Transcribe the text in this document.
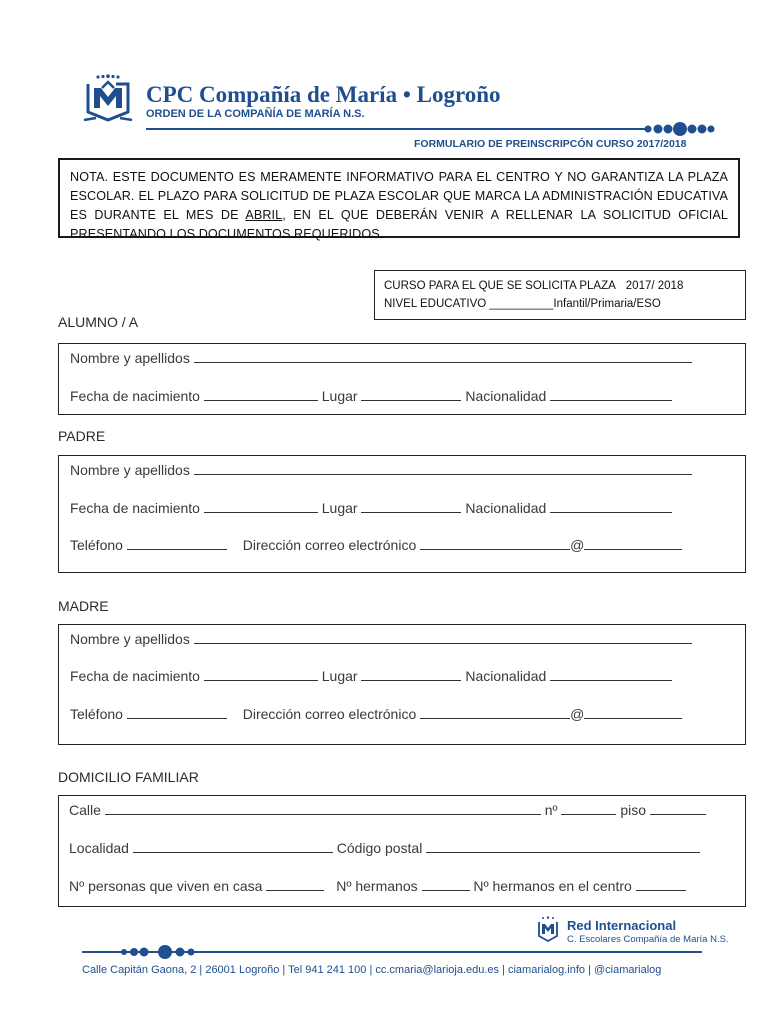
CPC Compañía de María • Logroño
ORDEN DE LA COMPAÑÍA DE MARÍA N.S.
FORMULARIO DE PREINSCRIPCÓN CURSO 2017/2018
NOTA. ESTE DOCUMENTO ES MERAMENTE INFORMATIVO PARA EL CENTRO Y NO GARANTIZA LA PLAZA ESCOLAR. EL PLAZO PARA SOLICITUD DE PLAZA ESCOLAR QUE MARCA LA ADMINISTRACIÓN EDUCATIVA ES DURANTE EL MES DE ABRIL, EN EL QUE DEBERÁN VENIR A RELLENAR LA SOLICITUD OFICIAL PRESENTANDO LOS DOCUMENTOS REQUERIDOS.
CURSO PARA EL QUE SE SOLICITA PLAZA 2017/ 2018
NIVEL EDUCATIVO __________Infantil/Primaria/ESO
ALUMNO / A
Nombre y apellidos
Fecha de nacimiento	Lugar	Nacionalidad
PADRE
Nombre y apellidos
Fecha de nacimiento	Lugar	Nacionalidad
Teléfono	Dirección correo electrónico	@
MADRE
Nombre y apellidos
Fecha de nacimiento	Lugar	Nacionalidad
Teléfono	Dirección correo electrónico	@
DOMICILIO FAMILIAR
Calle	nº	piso
Localidad	Código postal
Nº personas que viven en casa	Nº hermanos	Nº hermanos en el centro
Red Internacional
C. Escolares Compañía de María N.S.
Calle Capitán Gaona, 2 | 26001 Logroño | Tel 941 241 100 | cc.cmaria@larioja.edu.es | ciamarialog.info | @ciamarialog
